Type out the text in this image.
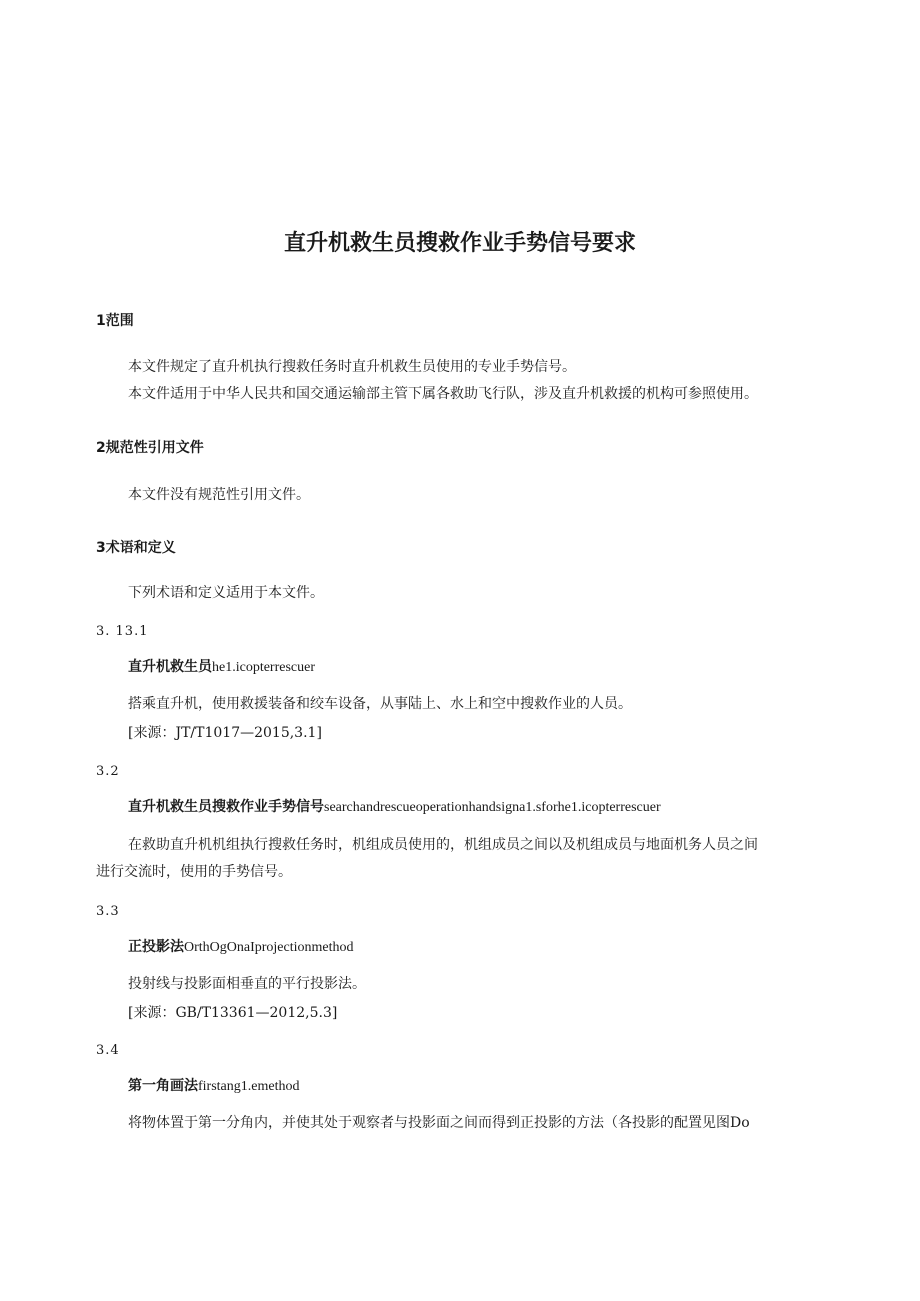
直升机救生员搜救作业手势信号要求
1范围
本文件规定了直升机执行搜救任务时直升机救生员使用的专业手势信号。
本文件适用于中华人民共和国交通运输部主管下属各救助飞行队，涉及直升机救援的机构可参照使用。
2规范性引用文件
本文件没有规范性引用文件。
3术语和定义
下列术语和定义适用于本文件。
3. 13.1
直升机救生员he1.icopterrescuer
搭乘直升机，使用救援装备和绞车设备，从事陆上、水上和空中搜救作业的人员。
[来源：JT/T1017—2015,3.1]
3.2
直升机救生员搜救作业手势信号searchandrescueoperationhandsigna1.sforhe1.icopterrescuer
在救助直升机机组执行搜救任务时，机组成员使用的，机组成员之间以及机组成员与地面机务人员之间
进行交流时，使用的手势信号。
3.3
正投影法OrthOgOnaIprojectionmethod
投射线与投影面相垂直的平行投影法。
[来源：GB/T13361—2012,5.3]
3.4
第一角画法firstang1.emethod
将物体置于第一分角内，并使其处于观察者与投影面之间而得到正投影的方法（各投影的配置见图Do
